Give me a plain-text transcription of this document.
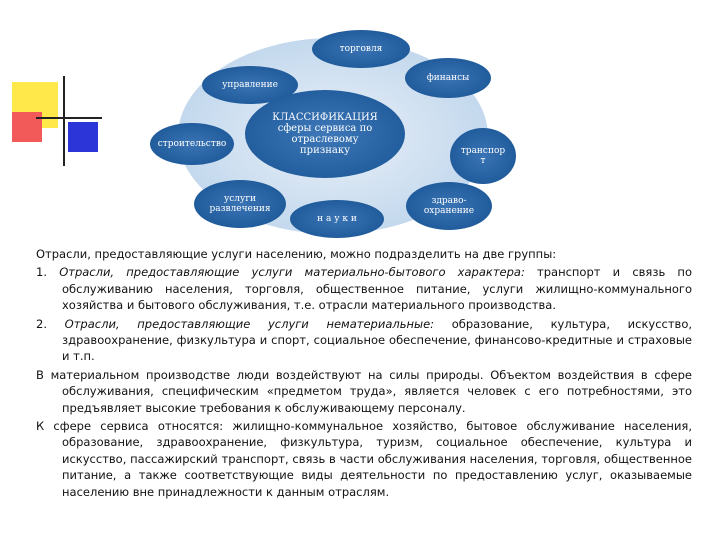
КЛАССИФИКАЦИЯ
сферы сервиса по
отраслевому
признаку
торговля
финансы
транспор
т
здраво-
охранение
н а у к и
услуги
развлечения
строительство
управление

Отрасли, предоставляющие услуги населению, можно подразделить на две группы:

1. Отрасли, предоставляющие услуги материально-бытового характера: транспорт и связь по обслуживанию населения, торговля, общественное питание, услуги жилищно-коммунального хозяйства и бытового обслуживания, т.е. отрасли материального производства.

2. Отрасли, предоставляющие услуги нематериальные: образование, культура, искусство, здравоохранение, физкультура и спорт, социальное обеспечение, финансово-кредитные и страховые и т.п.

В материальном производстве люди воздействуют на силы природы. Объектом воздействия в сфере обслуживания, специфическим «предметом труда», является человек с его потребностями, это предъявляет высокие требования к обслуживающему персоналу.

К сфере сервиса относятся: жилищно-коммунальное хозяйство, бытовое обслуживание населения, образование, здравоохранение, физкультура, туризм, социальное обеспечение, культура и искусство, пассажирский транспорт, связь в части обслуживания населения, торговля, общественное питание, а также соответствующие виды деятельности по предоставлению услуг, оказываемые населению вне принадлежности к данным отраслям.
